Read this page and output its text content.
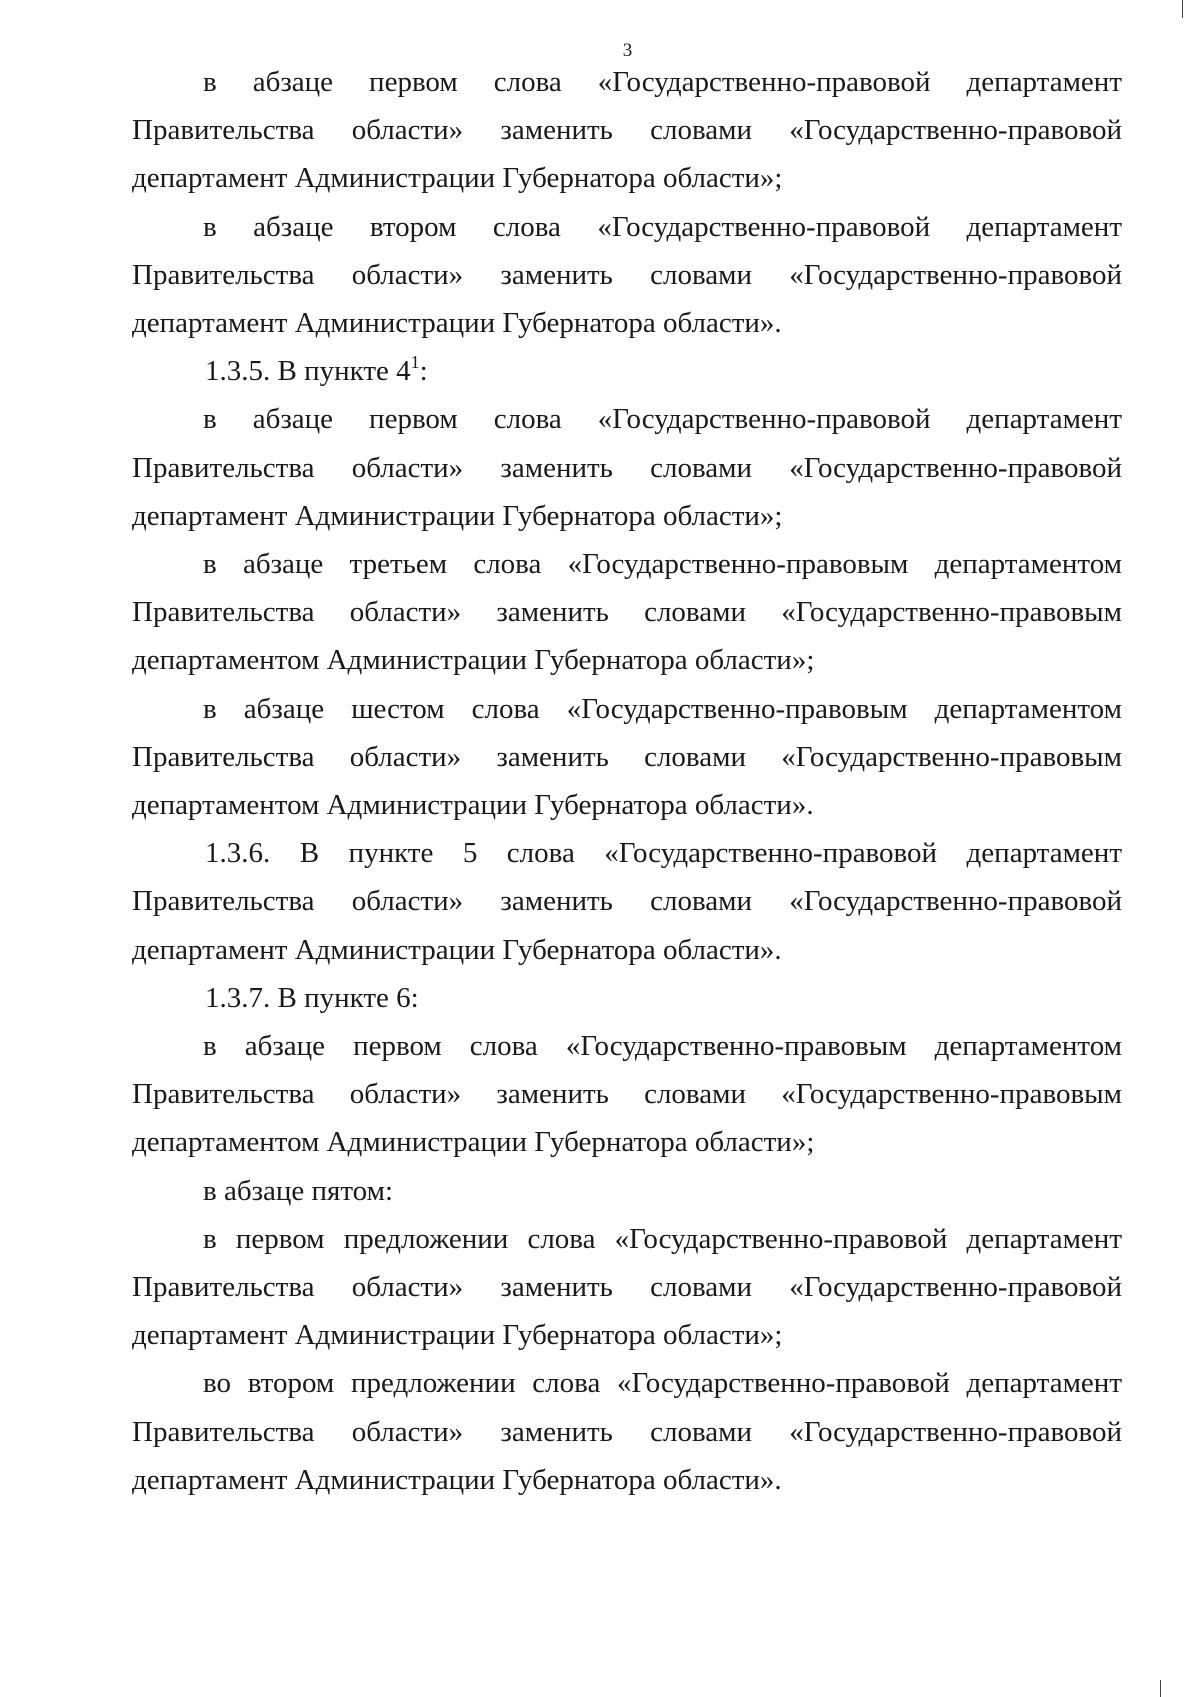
3

в абзаце первом слова «Государственно-правовой департамент Правительства области» заменить словами «Государственно-правовой департамент Администрации Губернатора области»;

в абзаце втором слова «Государственно-правовой департамент Правительства области» заменить словами «Государственно-правовой департамент Администрации Губернатора области».

1.3.5. В пункте $4^1$:

в абзаце первом слова «Государственно-правовой департамент Правительства области» заменить словами «Государственно-правовой департамент Администрации Губернатора области»;

в абзаце третьем слова «Государственно-правовым департаментом Правительства области» заменить словами «Государственно-правовым департаментом Администрации Губернатора области»;

в абзаце шестом слова «Государственно-правовым департаментом Правительства области» заменить словами «Государственно-правовым департаментом Администрации Губернатора области».

1.3.6. В пункте 5 слова «Государственно-правовой департамент Правительства области» заменить словами «Государственно-правовой департамент Администрации Губернатора области».

1.3.7. В пункте 6:

в абзаце первом слова «Государственно-правовым департаментом Правительства области» заменить словами «Государственно-правовым департаментом Администрации Губернатора области»;

в абзаце пятом:

в первом предложении слова «Государственно-правовой департамент Правительства области» заменить словами «Государственно-правовой департамент Администрации Губернатора области»;

во втором предложении слова «Государственно-правовой департамент Правительства области» заменить словами «Государственно-правовой департамент Администрации Губернатора области».
